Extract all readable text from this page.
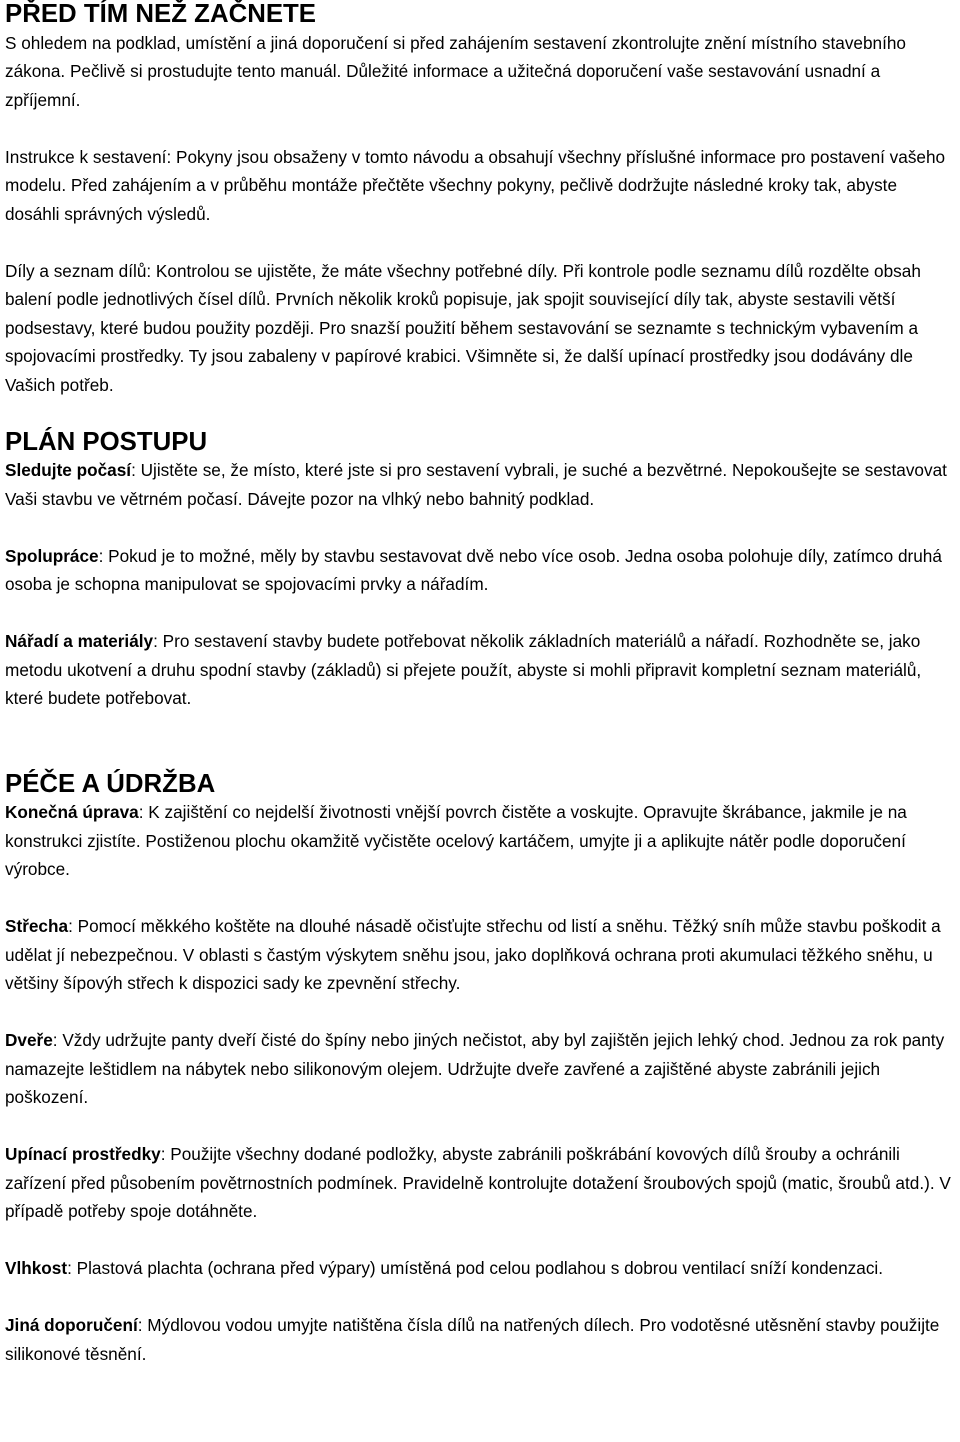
PŘED TÍM NEŽ ZAČNETE

S ohledem na podklad, umístění a jiná doporučení si před zahájením sestavení zkontrolujte znění místního stavebního zákona. Pečlivě si prostudujte tento manuál. Důležité informace a užitečná doporučení vaše sestavování usnadní a zpříjemní.

Instrukce k sestavení: Pokyny jsou obsaženy v tomto návodu a obsahují všechny příslušné informace pro postavení vašeho modelu. Před zahájením a v průběhu montáže přečtěte všechny pokyny, pečlivě dodržujte následné kroky tak, abyste dosáhli správných výsledů.

Díly a seznam dílů: Kontrolou se ujistěte, že máte všechny potřebné díly. Při kontrole podle seznamu dílů rozdělte obsah balení podle jednotlivých čísel dílů. Prvních několik kroků popisuje, jak spojit související díly tak, abyste sestavili větší podsestavy, které budou použity později. Pro snazší použití během sestavování se seznamte s technickým vybavením a spojovacími prostředky. Ty jsou zabaleny v papírové krabici. Všimněte si, že další upínací prostředky jsou dodávány dle Vašich potřeb.

PLÁN POSTUPU

Sledujte počasí: Ujistěte se, že místo, které jste si pro sestavení vybrali, je suché a bezvětrné. Nepokoušejte se sestavovat Vaši stavbu ve větrném počasí. Dávejte pozor na vlhký nebo bahnitý podklad.

Spolupráce: Pokud je to možné, měly by stavbu sestavovat dvě nebo více osob. Jedna osoba polohuje díly, zatímco druhá osoba je schopna manipulovat se spojovacími prvky a nářadím.

Nářadí a materiály: Pro sestavení stavby budete potřebovat několik základních materiálů a nářadí. Rozhodněte se, jako metodu ukotvení a druhu spodní stavby (základů) si přejete použít, abyste si mohli připravit kompletní seznam materiálů, které budete potřebovat.

PÉČE A ÚDRŽBA

Konečná úprava: K zajištění co nejdelší životnosti vnější povrch čistěte a voskujte. Opravujte škrábance, jakmile je na konstrukci zjistíte. Postiženou plochu okamžitě vyčistěte ocelový kartáčem, umyjte ji a aplikujte nátěr podle doporučení výrobce.

Střecha: Pomocí měkkého koštěte na dlouhé násadě očisťujte střechu od listí a sněhu. Těžký sníh může stavbu poškodit a udělat jí nebezpečnou. V oblasti s častým výskytem sněhu jsou, jako doplňková ochrana proti akumulaci těžkého sněhu, u většiny šípovýh střech k dispozici sady ke zpevnění střechy.

Dveře: Vždy udržujte panty dveří čisté do špíny nebo jiných nečistot, aby byl zajištěn jejich lehký chod. Jednou za rok panty namazejte leštidlem na nábytek nebo silikonovým olejem. Udržujte dveře zavřené a zajištěné abyste zabránili jejich poškození.

Upínací prostředky: Použijte všechny dodané podložky, abyste zabránili poškrábání kovových dílů šrouby a ochránili zařízení před působením povětrnostních podmínek. Pravidelně kontrolujte dotažení šroubových spojů (matic, šroubů atd.). V případě potřeby spoje dotáhněte.

Vlhkost: Plastová plachta (ochrana před výpary) umístěná pod celou podlahou s dobrou ventilací sníží kondenzaci.

Jiná doporučení: Mýdlovou vodou umyjte natištěna čísla dílů na natřených dílech. Pro vodotěsné utěsnění stavby použijte silikonové těsnění.
